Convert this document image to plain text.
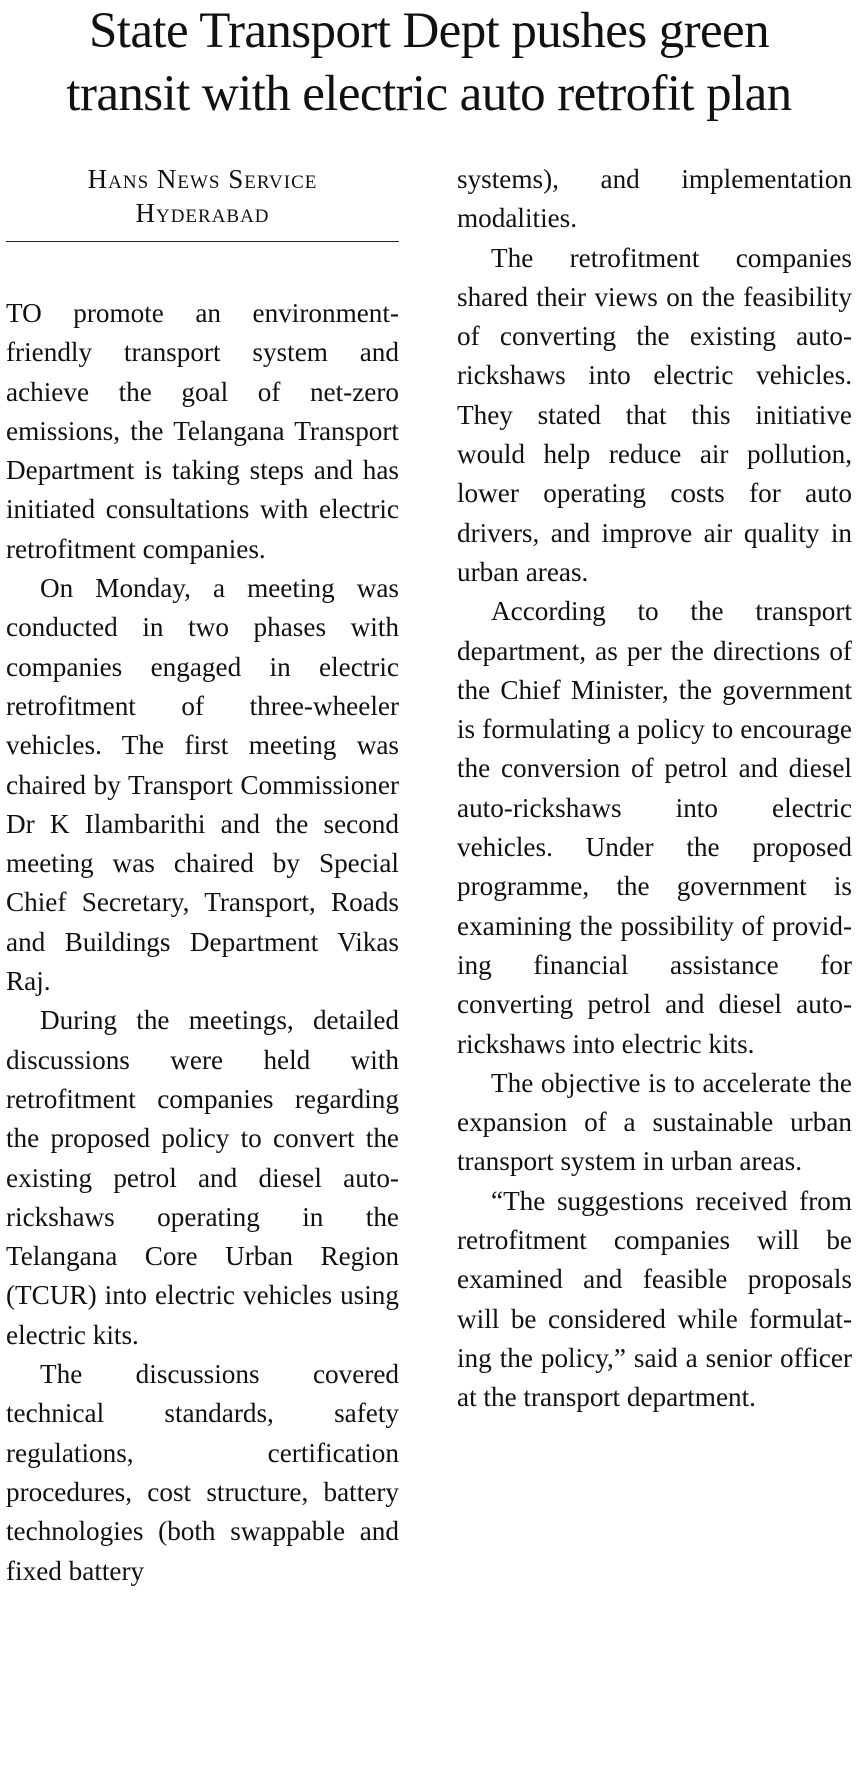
State Transport Dept pushes green
transit with electric auto retrofit plan

Hans News Service

Hyderabad

TO promote an environment-friendly transport system and achieve the goal of net-zero emissions, the Telangana Transport Department is taking steps and has initiated consultations with electric retrofitment companies.

On Monday, a meeting was conducted in two phases with companies engaged in electric retrofitment of three-wheeler vehicles. The first meeting was chaired by Transport Commissioner Dr K Ilambarithi and the second meeting was chaired by Special Chief Secretary, Transport, Roads and Buildings Department Vikas Raj.

During the meetings, detailed discussions were held with retrofitment companies regarding the proposed policy to convert the existing petrol and diesel auto-rickshaws operating in the Telangana Core Urban Region (TCUR) into electric vehicles using electric kits.

The discussions covered technical standards, safety regulations, certification procedures, cost structure, battery technologies (both swappable and fixed battery

systems), and implementation modalities.

The retrofitment companies shared their views on the feasibility of converting the existing auto-rickshaws into electric vehicles. They stated that this initiative would help reduce air pollution, lower operating costs for auto drivers, and improve air quality in urban areas.

According to the transport department, as per the directions of the Chief Minister, the government is formulating a policy to encourage the conversion of petrol and diesel auto-rickshaws into electric vehicles. Under the proposed programme, the government is examining the possibility of providing financial assistance for converting petrol and diesel auto-rickshaws into electric kits.

The objective is to accelerate the expansion of a sustainable urban transport system in urban areas.

“The suggestions received from retrofitment companies will be examined and feasible proposals will be considered while formulating the policy,” said a senior officer at the transport department.
